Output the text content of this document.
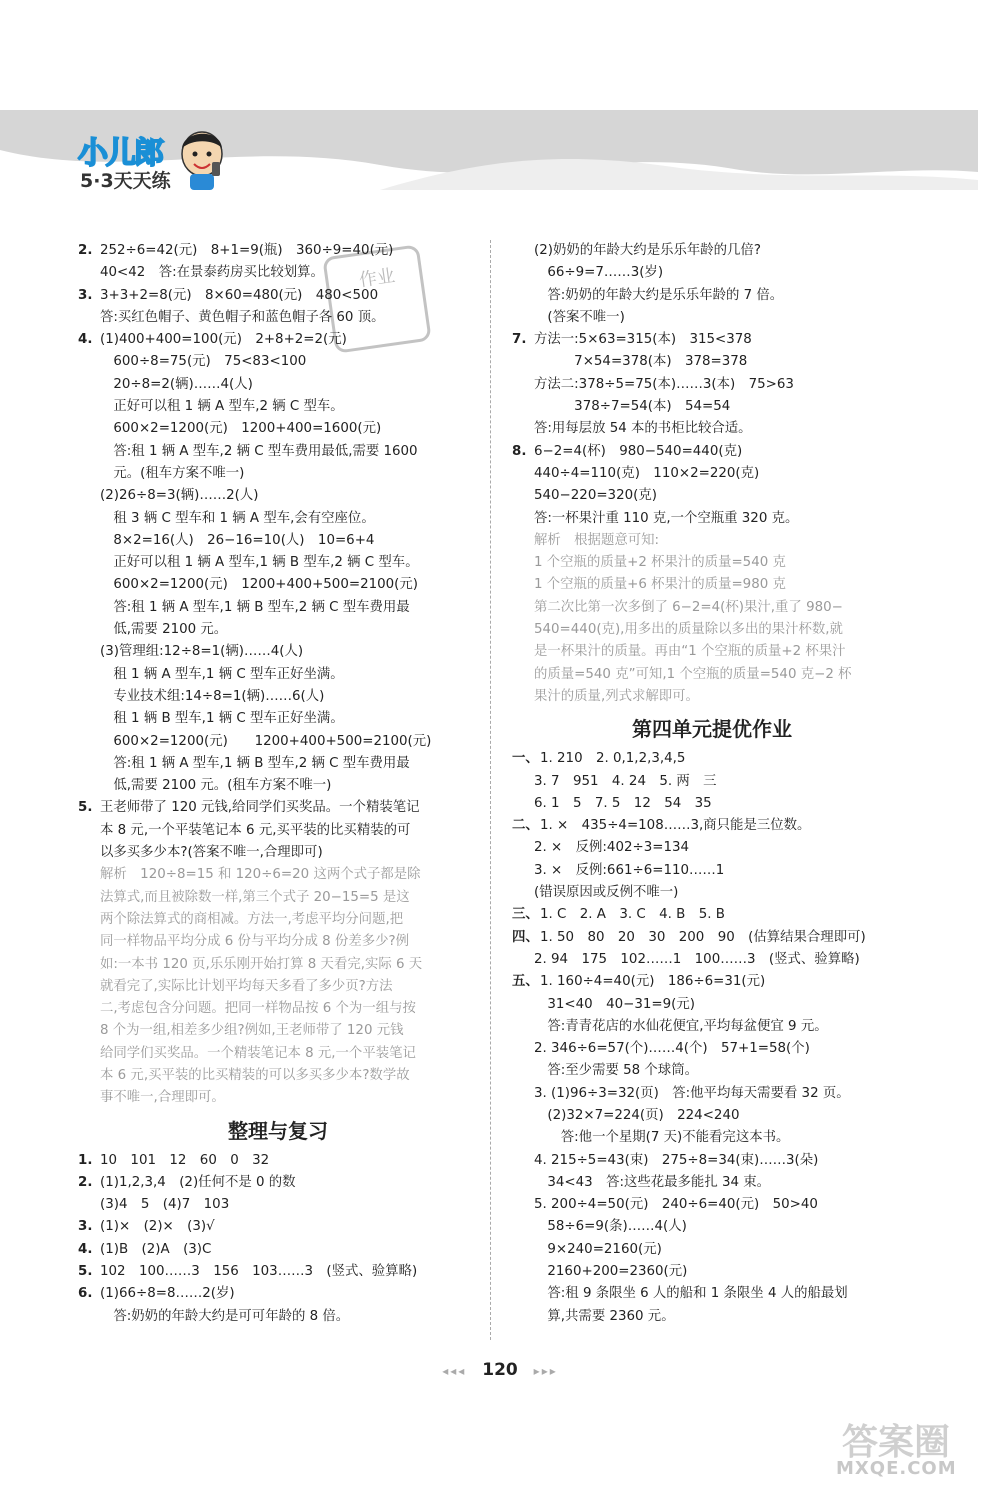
小儿郎
5·3天天练
作业
2. 252÷6=42(元)　8+1=9(瓶)　360÷9=40(元)
40<42　答:在景泰药房买比较划算。
3. 3+3+2=8(元)　8×60=480(元)　480<500
答:买红色帽子、黄色帽子和蓝色帽子各 60 顶。
4. (1)400+400=100(元)　2+8+2=2(元)
　600÷8=75(元)　75<83<100
　20÷8=2(辆)……4(人)
　正好可以租 1 辆 A 型车,2 辆 C 型车。
　600×2=1200(元)　1200+400=1600(元)
　答:租 1 辆 A 型车,2 辆 C 型车费用最低,需要 1600
　元。(租车方案不唯一)
(2)26÷8=3(辆)……2(人)
　租 3 辆 C 型车和 1 辆 A 型车,会有空座位。
　8×2=16(人)　26−16=10(人)　10=6+4
　正好可以租 1 辆 A 型车,1 辆 B 型车,2 辆 C 型车。
　600×2=1200(元)　1200+400+500=2100(元)
　答:租 1 辆 A 型车,1 辆 B 型车,2 辆 C 型车费用最
　低,需要 2100 元。
(3)管理组:12÷8=1(辆)……4(人)
　租 1 辆 A 型车,1 辆 C 型车正好坐满。
　专业技术组:14÷8=1(辆)……6(人)
　租 1 辆 B 型车,1 辆 C 型车正好坐满。
　600×2=1200(元)　　1200+400+500=2100(元)
　答:租 1 辆 A 型车,1 辆 B 型车,2 辆 C 型车费用最
　低,需要 2100 元。(租车方案不唯一)
5. 王老师带了 120 元钱,给同学们买奖品。一个精装笔记
本 8 元,一个平装笔记本 6 元,买平装的比买精装的可
以多买多少本?(答案不唯一,合理即可)
解析　120÷8=15 和 120÷6=20 这两个式子都是除
法算式,而且被除数一样,第三个式子 20−15=5 是这
两个除法算式的商相减。方法一,考虑平均分问题,把
同一样物品平均分成 6 份与平均分成 8 份差多少?例
如:一本书 120 页,乐乐刚开始打算 8 天看完,实际 6 天
就看完了,实际比计划平均每天多看了多少页?方法
二,考虑包含分问题。把同一样物品按 6 个为一组与按
8 个为一组,相差多少组?例如,王老师带了 120 元钱
给同学们买奖品。一个精装笔记本 8 元,一个平装笔记
本 6 元,买平装的比买精装的可以多买多少本?数学故
事不唯一,合理即可。
整理与复习
1. 10　101　12　60　0　32
2. (1)1,2,3,4　(2)任何不是 0 的数
(3)4　5　(4)7　103
3. (1)×　(2)×　(3)√
4. (1)B　(2)A　(3)C
5. 102　100……3　156　103……3　(竖式、验算略)
6. (1)66÷8=8……2(岁)
　答:奶奶的年龄大约是可可年龄的 8 倍。
(2)奶奶的年龄大约是乐乐年龄的几倍?
　66÷9=7……3(岁)
　答:奶奶的年龄大约是乐乐年龄的 7 倍。
　(答案不唯一)
7. 方法一:5×63=315(本)　315<378
　　　7×54=378(本)　378=378
方法二:378÷5=75(本)……3(本)　75>63
　　　378÷7=54(本)　54=54
答:用每层放 54 本的书柜比较合适。
8. 6−2=4(杯)　980−540=440(克)
440÷4=110(克)　110×2=220(克)
540−220=320(克)
答:一杯果汁重 110 克,一个空瓶重 320 克。
解析　根据题意可知:
1 个空瓶的质量+2 杯果汁的质量=540 克
1 个空瓶的质量+6 杯果汁的质量=980 克
第二次比第一次多倒了 6−2=4(杯)果汁,重了 980−
540=440(克),用多出的质量除以多出的果汁杯数,就
是一杯果汁的质量。再由“1 个空瓶的质量+2 杯果汁
的质量=540 克”可知,1 个空瓶的质量=540 克−2 杯
果汁的质量,列式求解即可。
第四单元提优作业
一、 1. 210　2. 0,1,2,3,4,5
3. 7　951　4. 24　5. 两　三
6. 1　5　7. 5　12　54　35
二、 1. ×　435÷4=108……3,商只能是三位数。
2. ×　反例:402÷3=134
3. ×　反例:661÷6=110……1
(错误原因或反例不唯一)
三、 1. C　2. A　3. C　4. B　5. B
四、 1. 50　80　20　30　200　90　(估算结果合理即可)
2. 94　175　102……1　100……3　(竖式、验算略)
五、 1. 160÷4=40(元)　186÷6=31(元)
　31<40　40−31=9(元)
　答:青青花店的水仙花便宜,平均每盆便宜 9 元。
2. 346÷6=57(个)……4(个)　57+1=58(个)
　答:至少需要 58 个球筒。
3. (1)96÷3=32(页)　答:他平均每天需要看 32 页。
　(2)32×7=224(页)　224<240
　　答:他一个星期(7 天)不能看完这本书。
4. 215÷5=43(束)　275÷8=34(束)……3(朵)
　34<43　答:这些花最多能扎 34 束。
5. 200÷4=50(元)　240÷6=40(元)　50>40
　58÷6=9(条)……4(人)
　9×240=2160(元)
　2160+200=2360(元)
　答:租 9 条限坐 6 人的船和 1 条限坐 4 人的船最划
　算,共需要 2360 元。
◂◂◂ 120 ▸▸▸
答案圈
MXQE.COM
